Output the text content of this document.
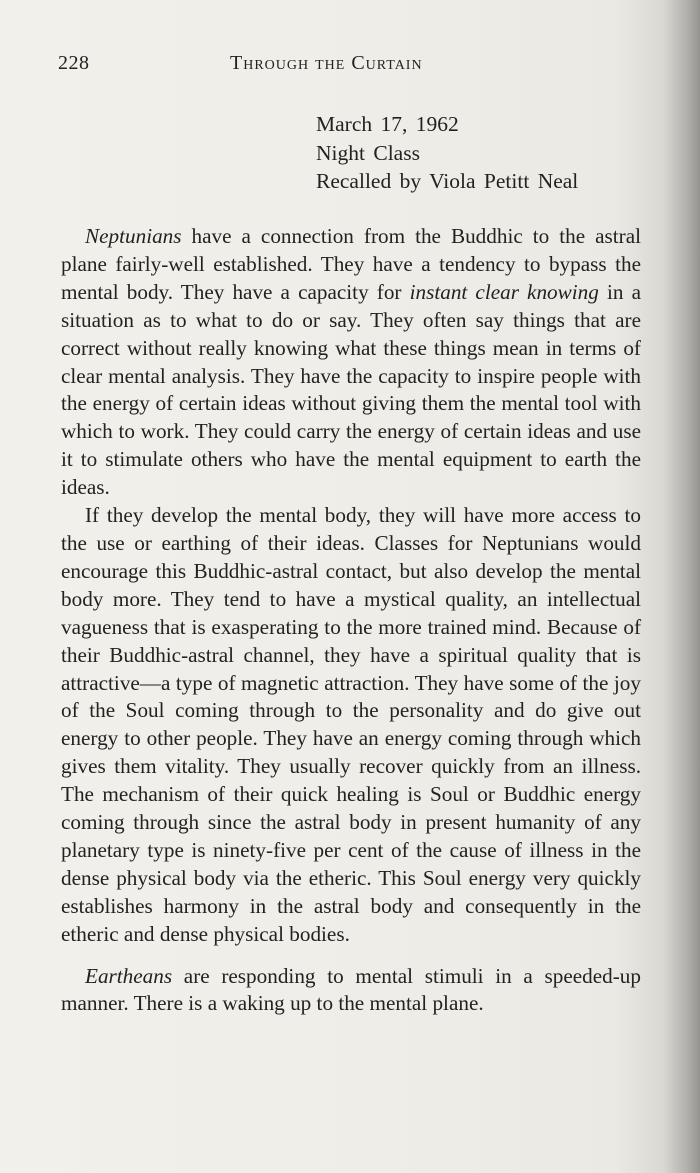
228	Through the Curtain
March 17, 1962
Night Class
Recalled by Viola Petitt Neal

Neptunians have a connection from the Buddhic to the astral plane fairly-well established. They have a tendency to bypass the mental body. They have a capacity for instant clear knowing in a situation as to what to do or say. They often say things that are correct without really knowing what these things mean in terms of clear mental analysis. They have the capacity to inspire people with the energy of certain ideas without giving them the mental tool with which to work. They could carry the energy of certain ideas and use it to stimulate others who have the mental equipment to earth the ideas.

If they develop the mental body, they will have more access to the use or earthing of their ideas. Classes for Neptunians would encourage this Buddhic-astral contact, but also develop the mental body more. They tend to have a mystical quality, an intellectual vagueness that is exasperating to the more trained mind. Because of their Buddhic-astral channel, they have a spiritual quality that is attractive—a type of magnetic attraction. They have some of the joy of the Soul coming through to the personality and do give out energy to other people. They have an energy coming through which gives them vitality. They usually recover quickly from an illness. The mechanism of their quick healing is Soul or Buddhic energy coming through since the astral body in present humanity of any planetary type is ninety-five per cent of the cause of illness in the dense physical body via the etheric. This Soul energy very quickly establishes harmony in the astral body and consequently in the etheric and dense physical bodies.

Eartheans are responding to mental stimuli in a speeded-up manner. There is a waking up to the mental plane.
